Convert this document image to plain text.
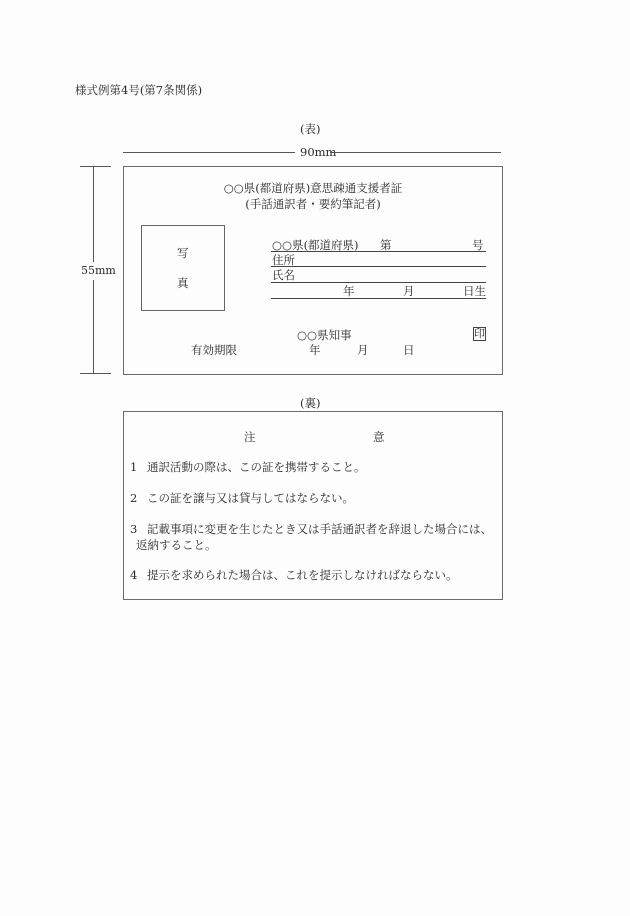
様式例第4号(第7条関係)
(表)
90mm
55mm
○○県(都道府県)意思疎通支援者証
(手話通訳者・要約筆記者)
写
真
○○県(都道府県) 第	号
住所
氏名
年	月	日生
○○県知事	印
有効期限	年	月	日
(裏)
注	意
1 通訳活動の際は、この証を携帯すること。
2 この証を譲与又は貸与してはならない。
3 記載事項に変更を生じたとき又は手話通訳者を辞退した場合には、
返納すること。
4 提示を求められた場合は、これを提示しなければならない。
